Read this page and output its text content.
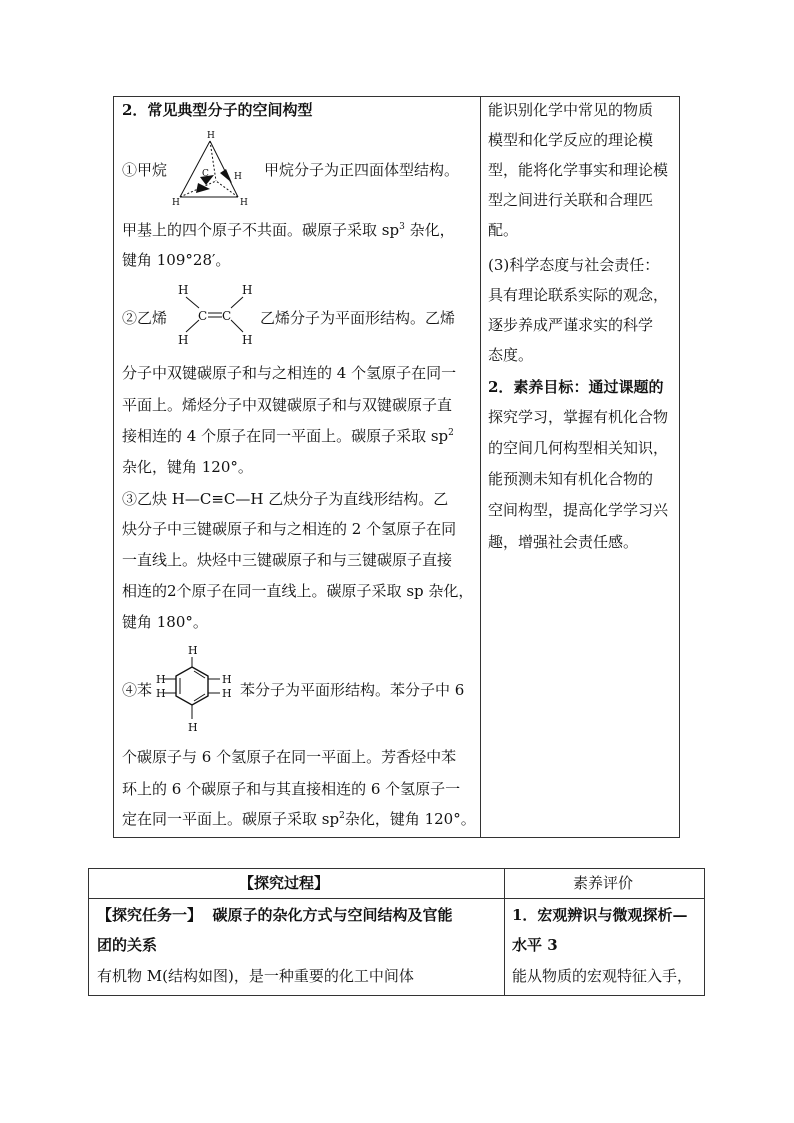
2．常见典型分子的空间构型
①甲烷
H
C
H	H
H 甲烷分子为正四面体型结构。
甲基上的四个原子不共面。碳原子采取 $sp^3$ 杂化，
键角 109°28′。
②乙烯
H
H
C C
H
H
乙烯分子为平面形结构。乙烯
分子中双键碳原子和与之相连的 4 个氢原子在同一
平面上。烯烃分子中双键碳原子和与双键碳原子直
接相连的 4 个原子在同一平面上。碳原子采取 $sp^2$
杂化，键角 120°。
③乙炔 H—C≡C—H 乙炔分子为直线形结构。乙
炔分子中三键碳原子和与之相连的 2 个氢原子在同
一直线上。炔烃中三键碳原子和与三键碳原子直接
相连的2个原子在同一直线上。碳原子采取 sp 杂化，
键角 180°。
④苯
H
H
H
H
H
H
苯分子为平面形结构。苯分子中 6
个碳原子与 6 个氢原子在同一平面上。芳香烃中苯
环上的 6 个碳原子和与其直接相连的 6 个氢原子一
定在同一平面上。碳原子采取 $sp^2$杂化，键角 120°。
能识别化学中常见的物质
模型和化学反应的理论模
型，能将化学事实和理论模
型之间进行关联和合理匹
配。
(3)科学态度与社会责任：
具有理论联系实际的观念，
逐步养成严谨求实的科学
态度。
2．素养目标：通过课题的
探究学习，掌握有机化合物
的空间几何构型相关知识，
能预测未知有机化合物的
空间构型，提高化学学习兴
趣，增强社会责任感。
【探究过程】	素养评价
【探究任务一】  碳原子的杂化方式与空间结构及官能
团的关系
有机物 M(结构如图)，是一种重要的化工中间体
1．宏观辨识与微观探析—
水平 3
能从物质的宏观特征入手，
